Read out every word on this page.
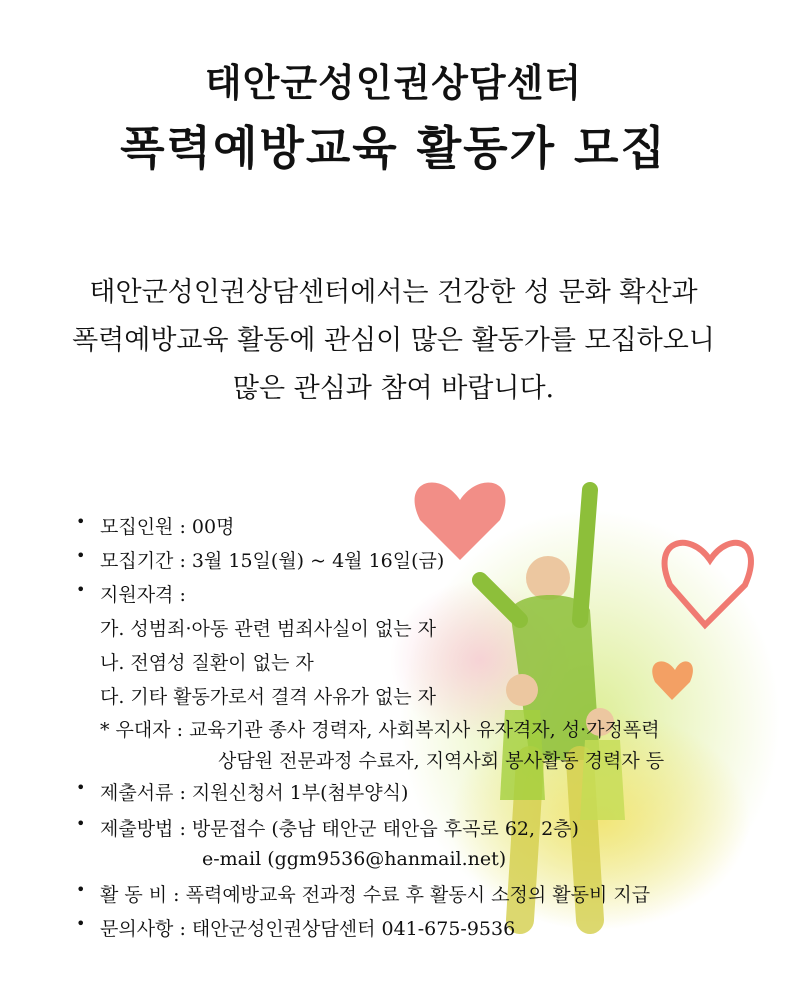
태안군성인권상담센터
폭력예방교육 활동가 모집
태안군성인권상담센터에서는 건강한 성 문화 확산과
폭력예방교육 활동에 관심이 많은 활동가를 모집하오니
많은 관심과 참여 바랍니다.
• 모집인원 : 00명
• 모집기간 : 3월 15일(월) ~ 4월 16일(금)
• 지원자격 :
가. 성범죄·아동 관련 범죄사실이 없는 자
나. 전염성 질환이 없는 자
다. 기타 활동가로서 결격 사유가 없는 자
* 우대자 : 교육기관 종사 경력자, 사회복지사 유자격자, 성·가정폭력
상담원 전문과정 수료자, 지역사회 봉사활동 경력자 등
• 제출서류 : 지원신청서 1부(첨부양식)
• 제출방법 : 방문접수 (충남 태안군 태안읍 후곡로 62, 2층)
e-mail (ggm9536@hanmail.net)
• 활 동 비 : 폭력예방교육 전과정 수료 후 활동시 소정의 활동비 지급
• 문의사항 : 태안군성인권상담센터 041-675-9536
